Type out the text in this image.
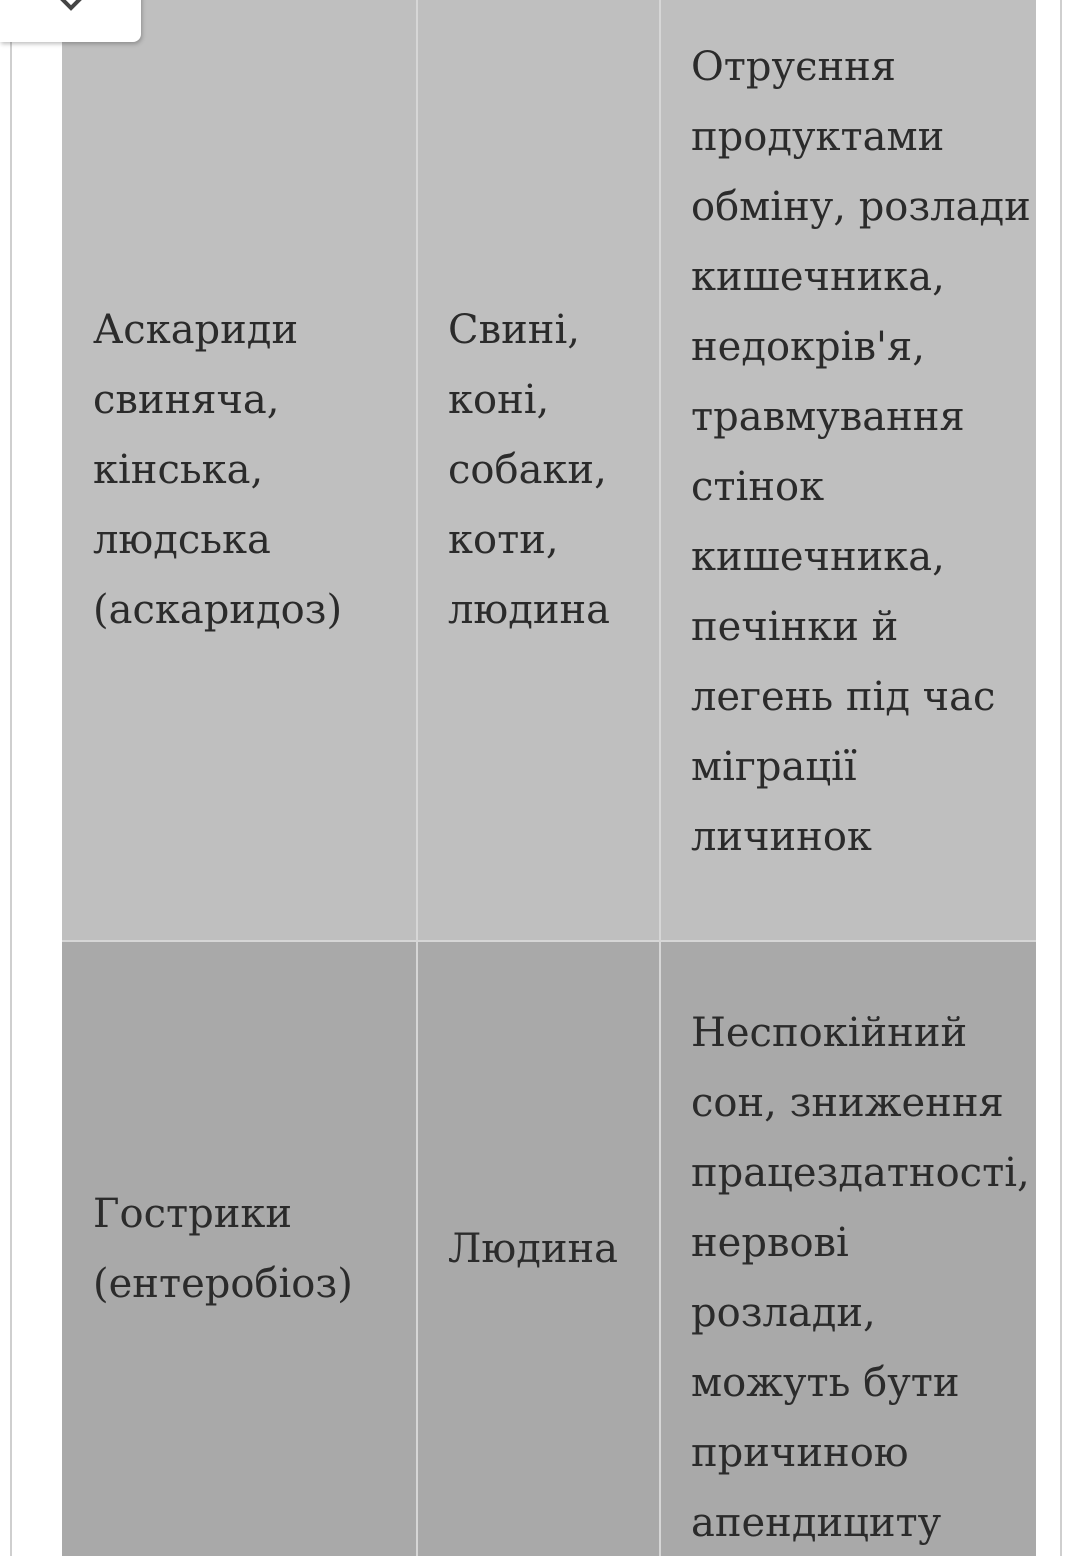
Аскариди
свиняча,
кінська,
людська
(аскаридоз)
Свині,
коні,
собаки,
коти,
людина
Отруєння
продуктами
обміну, розлади
кишечника,
недокрів'я,
травмування
стінок
кишечника,
печінки й
легень під час
міграції
личинок
Гострики
(ентеробіоз)
Людина
Неспокійний
сон, зниження
працездатності,
нервові
розлади,
можуть бути
причиною
апендициту
